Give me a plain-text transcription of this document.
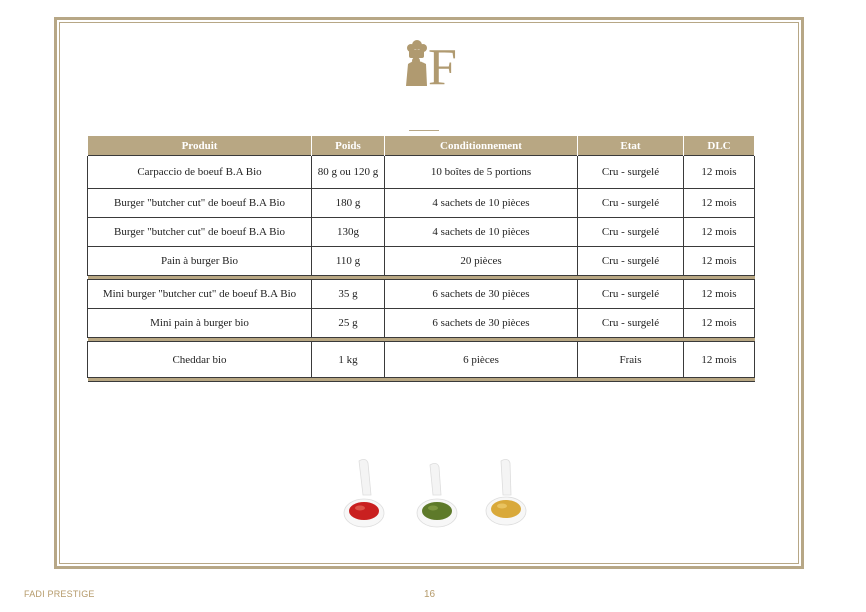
F
Produit	Poids	Conditionnement	Etat	DLC
Carpaccio de boeuf B.A Bio	80 g ou 120 g	10 boîtes de 5 portions	Cru - surgelé	12 mois
Burger "butcher cut" de boeuf B.A Bio	180 g	4 sachets de 10 pièces	Cru - surgelé	12 mois
Burger "butcher cut" de boeuf B.A Bio	130g	4 sachets de 10 pièces	Cru - surgelé	12 mois
Pain à burger Bio	110 g	20 pièces	Cru - surgelé	12 mois

Mini burger "butcher cut" de boeuf B.A Bio	35 g	6 sachets de 30 pièces	Cru - surgelé	12 mois
Mini pain à burger bio	25 g	6 sachets de 30 pièces	Cru - surgelé	12 mois

Cheddar bio	1 kg	6 pièces	Frais	12 mois

FADI PRESTIGE	16
